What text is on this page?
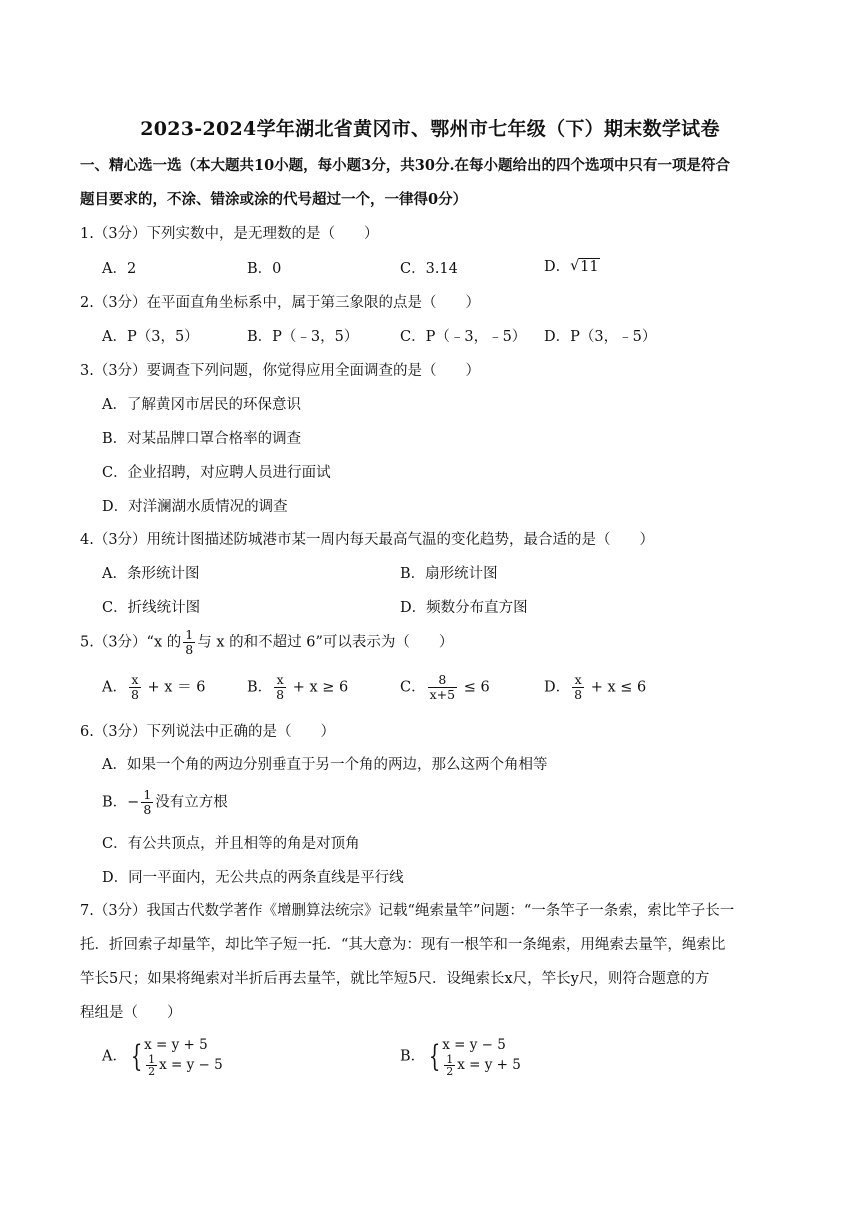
2023-2024学年湖北省黄冈市、鄂州市七年级（下）期末数学试卷
一、精心选一选（本大题共10小题，每小题3分，共30分.在每小题给出的四个选项中只有一项是符合
题目要求的，不涂、错涂或涂的代号超过一个，一律得0分）
1.（3分）下列实数中，是无理数的是（　　）
A．2	B．0	C．3.14	D． √ 11
2.（3分）在平面直角坐标系中，属于第三象限的点是（　　）
A．P（3，5）	B．P（﹣3，5）	C．P（﹣3，﹣5） D．P（3，﹣5）
3.（3分）要调查下列问题，你觉得应用全面调查的是（　　）
A．了解黄冈市居民的环保意识
B．对某品牌口罩合格率的调查
C．企业招聘，对应聘人员进行面试
D．对洋澜湖水质情况的调查
4.（3分）用统计图描述防城港市某一周内每天最高气温的变化趋势，最合适的是（　　）
A．条形统计图	B．扇形统计图
C．折线统计图	D．频数分布直方图
5.（3分）“x 的 $\frac{1}{8}$ 与 x 的和不超过 6”可以表示为（　　）
A． $\frac{x}{8} + x = 6$	B． $\frac{x}{8} + x \ge 6$	C． $\frac{8}{x+5} \le 6$	D． $\frac{x}{8} + x \le 6$
6.（3分）下列说法中正确的是（　　）
A．如果一个角的两边分别垂直于另一个角的两边，那么这两个角相等
B．− $\frac{1}{8}$ 没有立方根
C．有公共顶点，并且相等的角是对顶角
D．同一平面内，无公共点的两条直线是平行线
7.（3分）我国古代数学著作《增删算法统宗》记载“绳索量竿”问题：“一条竿子一条索，索比竿子长一
托．折回索子却量竿，却比竿子短一托．“其大意为：现有一根竿和一条绳索，用绳索去量竿，绳索比
竿长5尺；如果将绳索对半折后再去量竿，就比竿短5尺．设绳索长x尺，竿长y尺，则符合题意的方
程组是（　　）
A． { x = y + 5
$\frac{1}{2}$ x = y − 5
B． { x = y − 5
$\frac{1}{2}$ x = y + 5
